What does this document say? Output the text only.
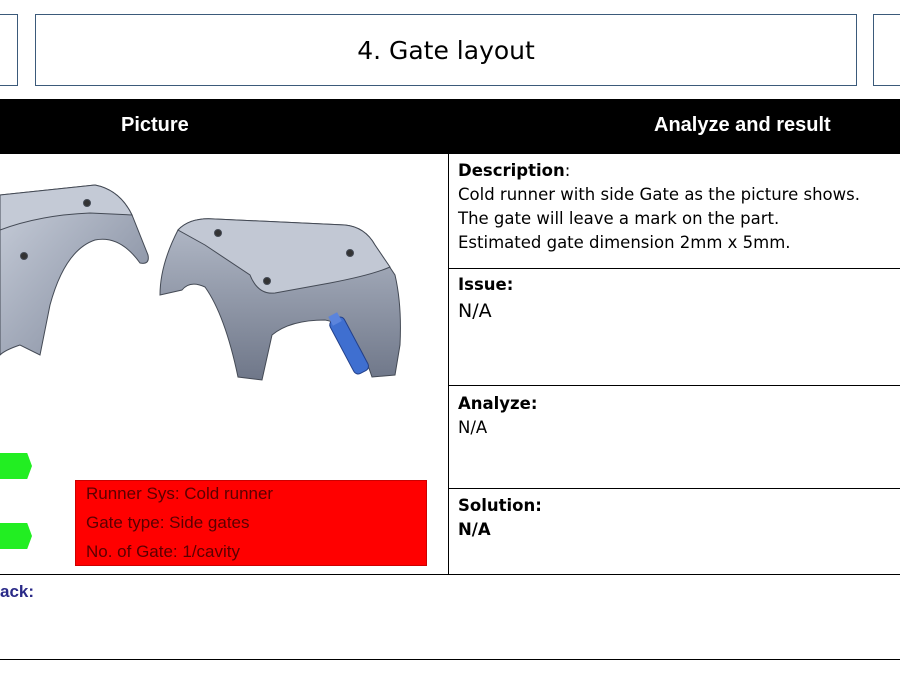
4. Gate layout
Picture	Analyze and result
Runner Sys: Cold runner
Gate type: Side gates
No. of Gate: 1/cavity
Description:
Cold runner with side Gate as the picture shows.
The gate will leave a mark on the part.
Estimated gate dimension 2mm x 5mm.
Issue:
N/A
Analyze:
N/A
Solution:
N/A
ack:
